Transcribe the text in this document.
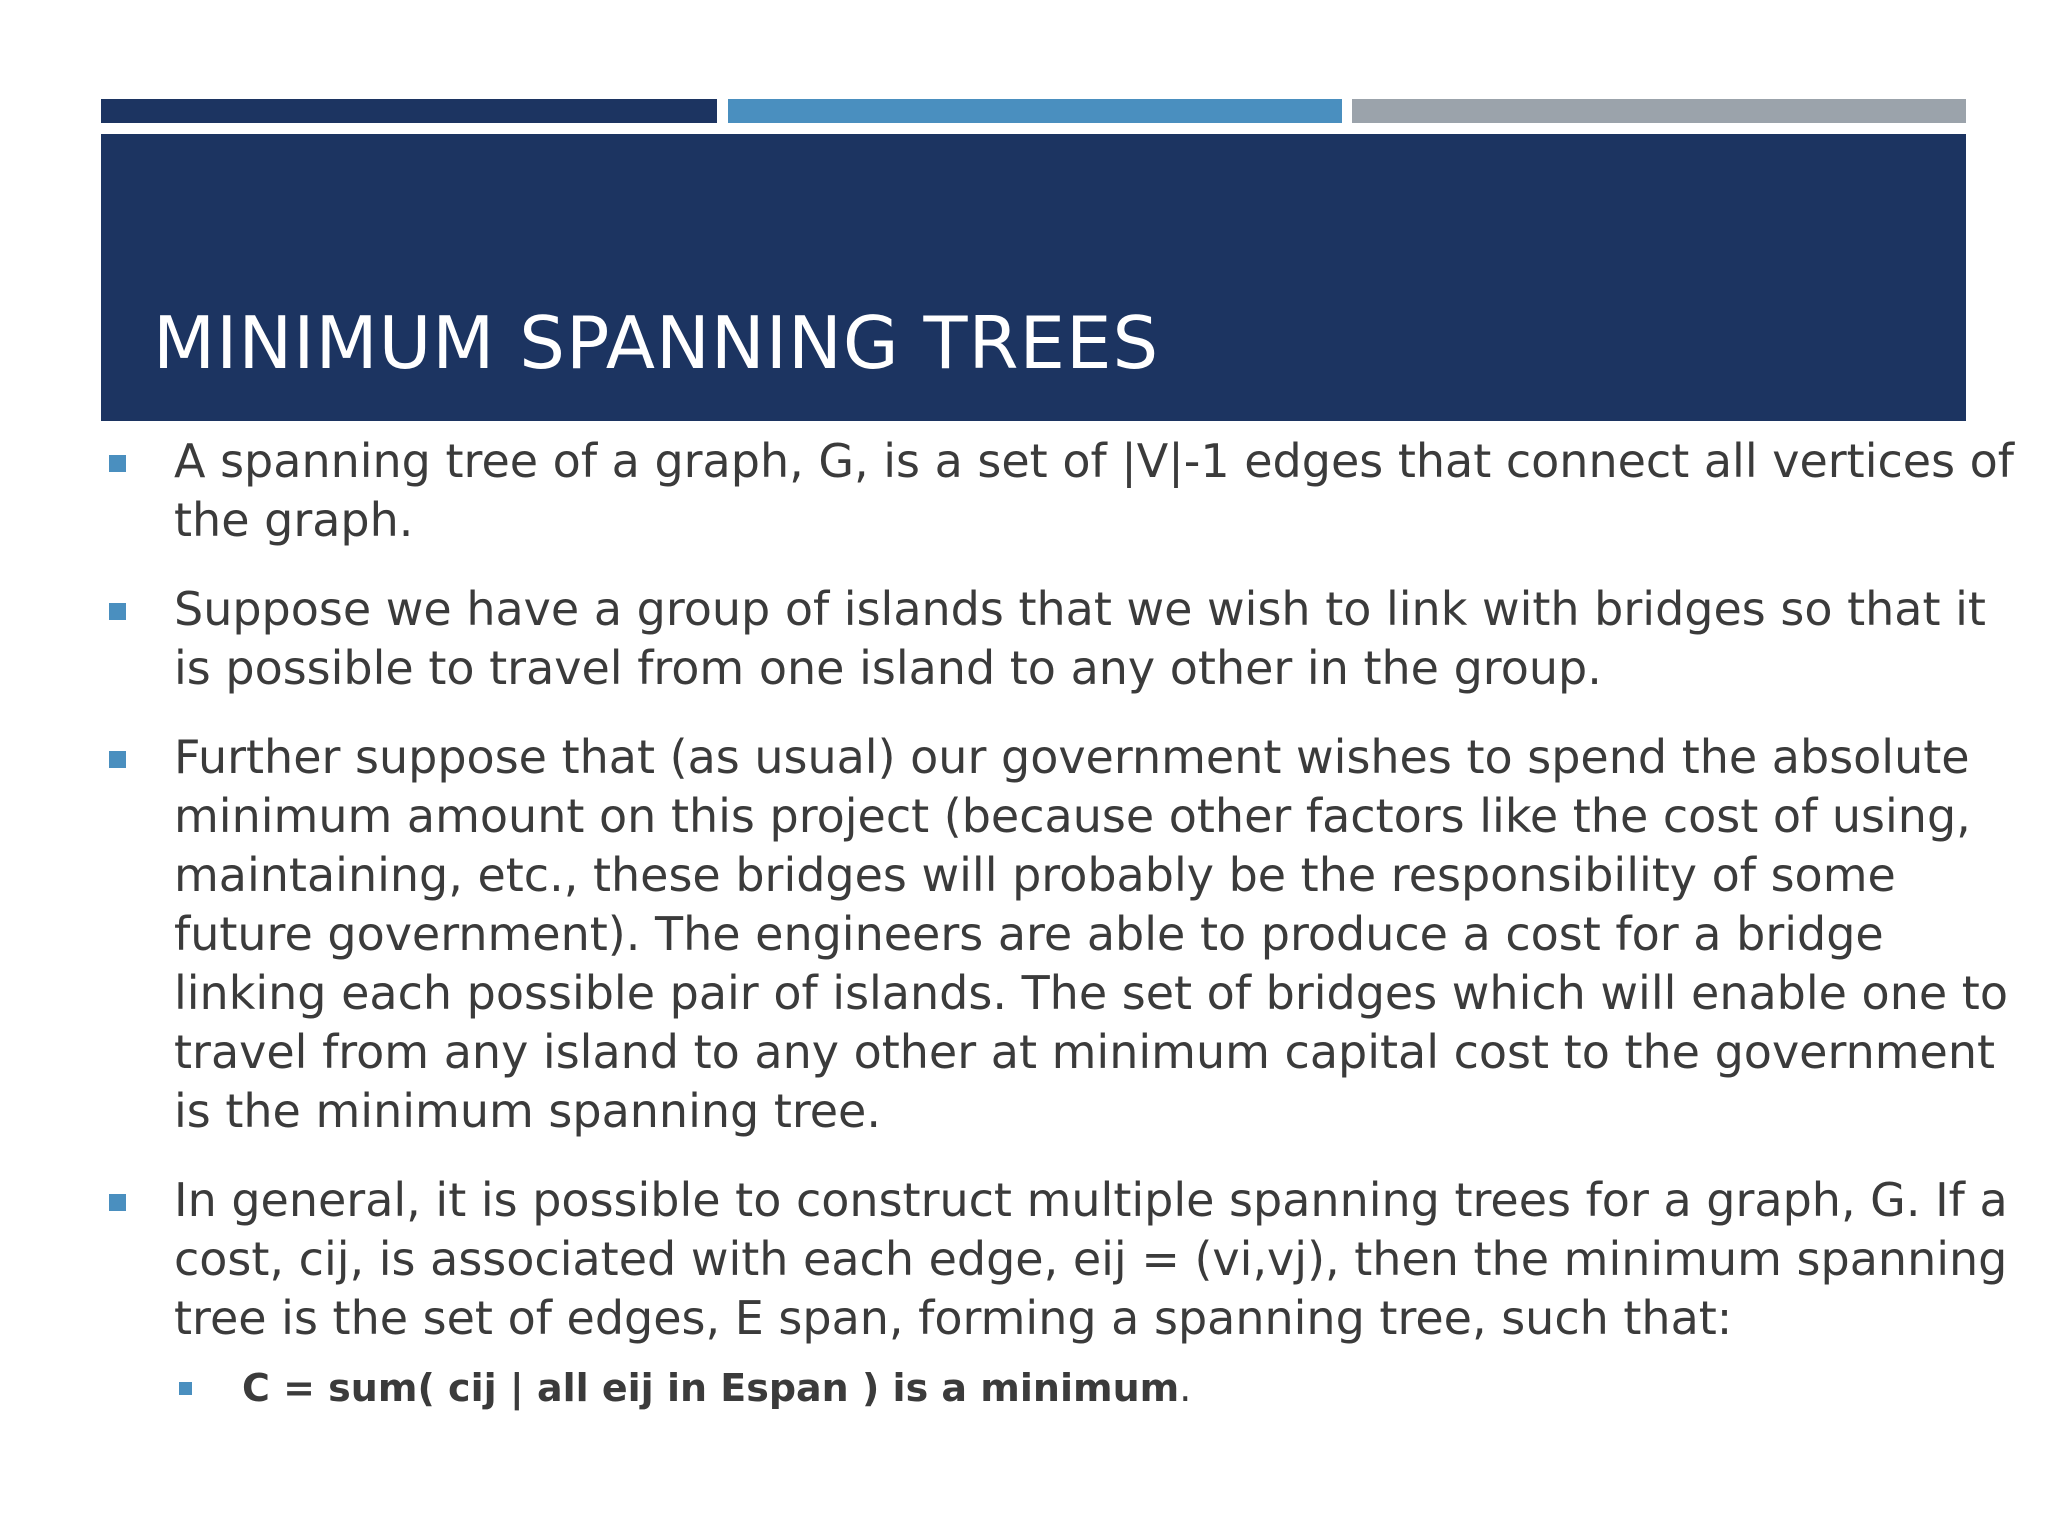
MINIMUM SPANNING TREES
A spanning tree of a graph, G, is a set of |V|-1 edges that connect all vertices of the graph.
Suppose we have a group of islands that we wish to link with bridges so that it is possible to travel from one island to any other in the group.
Further suppose that (as usual) our government wishes to spend the absolute minimum amount on this project (because other factors like the cost of using, maintaining, etc., these bridges will probably be the responsibility of some future government). The engineers are able to produce a cost for a bridge linking each possible pair of islands. The set of bridges which will enable one to travel from any island to any other at minimum capital cost to the government is the minimum spanning tree.
In general, it is possible to construct multiple spanning trees for a graph, G. If a cost, cij, is associated with each edge, eij = (vi,vj), then the minimum spanning tree is the set of edges, E span, forming a spanning tree, such that:
C = sum( cij | all eij in Espan ) is a minimum.
